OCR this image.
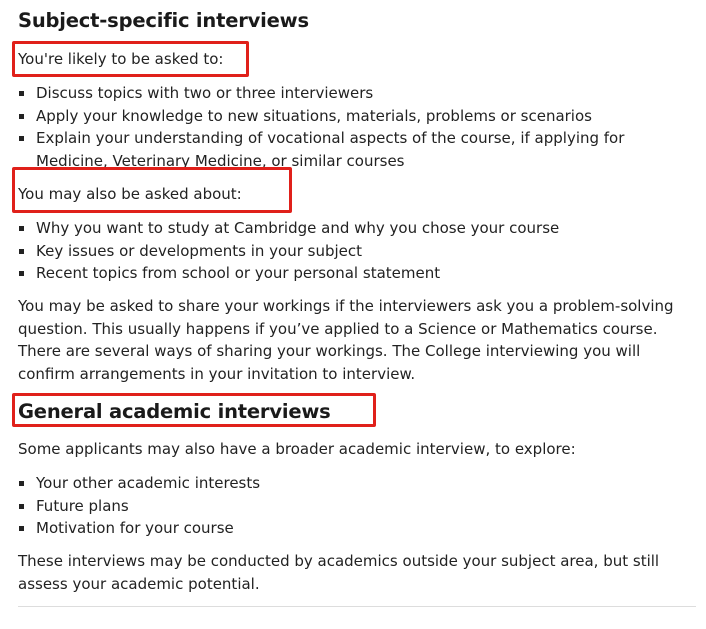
Subject-specific interviews

You're likely to be asked to:

Discuss topics with two or three interviewers
Apply your knowledge to new situations, materials, problems or scenarios
Explain your understanding of vocational aspects of the course, if applying for Medicine, Veterinary Medicine, or similar courses

You may also be asked about:

Why you want to study at Cambridge and why you chose your course
Key issues or developments in your subject
Recent topics from school or your personal statement

You may be asked to share your workings if the interviewers ask you a problem-solving question. This usually happens if you’ve applied to a Science or Mathematics course. There are several ways of sharing your workings. The College interviewing you will confirm arrangements in your invitation to interview.

General academic interviews

Some applicants may also have a broader academic interview, to explore:

Your other academic interests
Future plans
Motivation for your course

These interviews may be conducted by academics outside your subject area, but still assess your academic potential.
